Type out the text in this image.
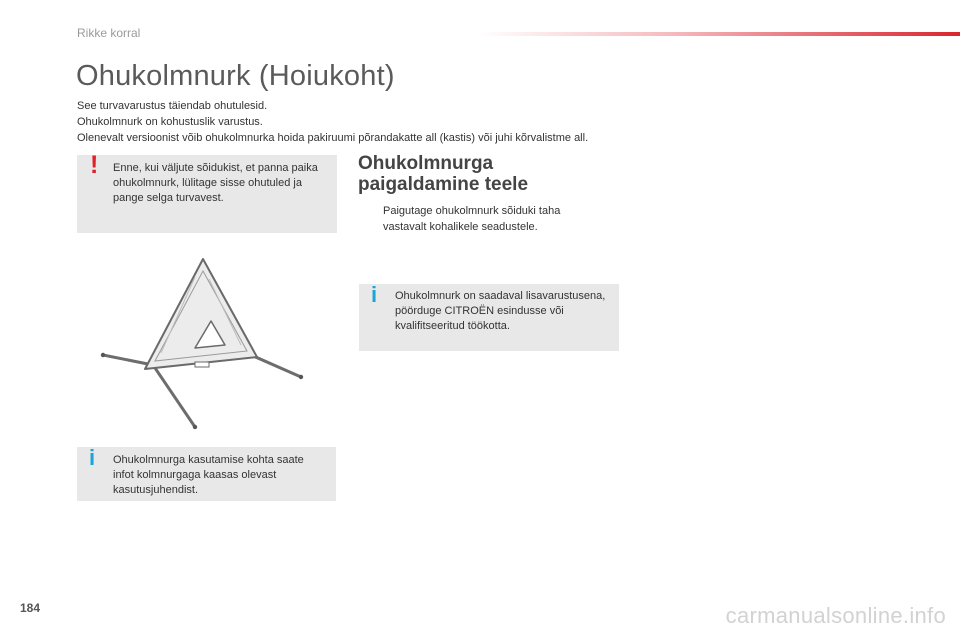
Rikke korral
Ohukolmnurk (Hoiukoht)

See turvavarustus täiendab ohutulesid.

Ohukolmnurk on kohustuslik varustus.

Olenevalt versioonist võib ohukolmnurka hoida pakiruumi põrandakatte all (kastis) või juhi kõrvalistme all.

! Enne, kui väljute sõidukist, et panna paika ohukolmnurk, lülitage sisse ohutuled ja pange selga turvavest.
i Ohukolmnurga kasutamise kohta saate infot kolmnurgaga kaasas olevast kasutusjuhendist.
Ohukolmnurga
paigaldamine teele
Paigutage ohukolmnurk sõiduki taha vastavalt kohalikele seadustele.
i Ohukolmnurk on saadaval lisavarustusena, pöörduge CITROËN esindusse või kvalifitseeritud töökotta.
184	carmanualsonline.info
